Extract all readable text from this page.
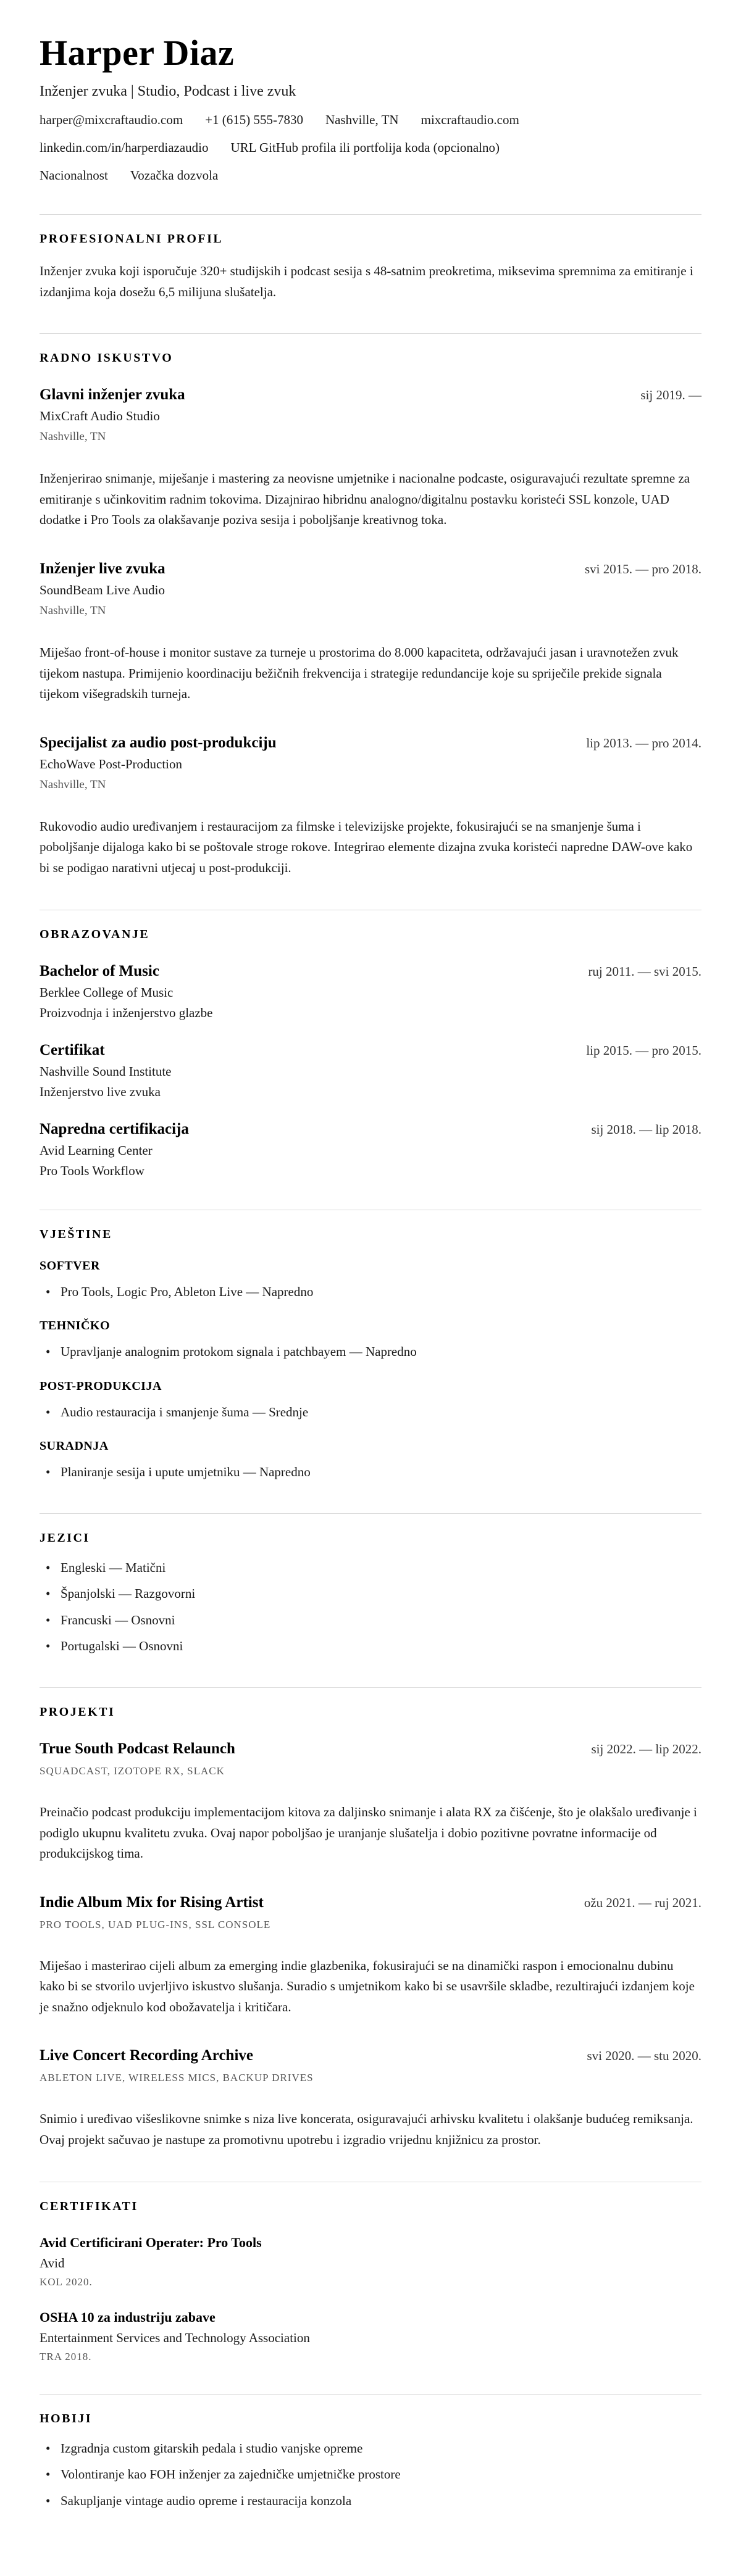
Harper Diaz
Inženjer zvuka | Studio, Podcast i live zvuk
harper@mixcraftaudio.com +1 (615) 555-7830 Nashville, TN mixcraftaudio.com
linkedin.com/in/harperdiazaudio URL GitHub profila ili portfolija koda (opcionalno)
Nacionalnost Vozačka dozvola
PROFESIONALNI PROFIL

Inženjer zvuka koji isporučuje 320+ studijskih i podcast sesija s 48-satnim preokretima, miksevima spremnima za emitiranje i izdanjima koja dosežu 6,5 milijuna slušatelja.

RADNO ISKUSTVO
Glavni inženjer zvuka	sij 2019. —
MixCraft Audio Studio
Nashville, TN

Inženjerirao snimanje, miješanje i mastering za neovisne umjetnike i nacionalne podcaste, osiguravajući rezultate spremne za emitiranje s učinkovitim radnim tokovima. Dizajnirao hibridnu analogno/digitalnu postavku koristeći SSL konzole, UAD dodatke i Pro Tools za olakšavanje poziva sesija i poboljšanje kreativnog toka.

Inženjer live zvuka	svi 2015. — pro 2018.
SoundBeam Live Audio
Nashville, TN

Miješao front-of-house i monitor sustave za turneje u prostorima do 8.000 kapaciteta, održavajući jasan i uravnotežen zvuk tijekom nastupa. Primijenio koordinaciju bežičnih frekvencija i strategije redundancije koje su spriječile prekide signala tijekom višegradskih turneja.

Specijalist za audio post-produkciju	lip 2013. — pro 2014.
EchoWave Post-Production
Nashville, TN

Rukovodio audio uređivanjem i restauracijom za filmske i televizijske projekte, fokusirajući se na smanjenje šuma i poboljšanje dijaloga kako bi se poštovale stroge rokove. Integrirao elemente dizajna zvuka koristeći napredne DAW-ove kako bi se podigao narativni utjecaj u post-produkciji.

OBRAZOVANJE
Bachelor of Music	ruj 2011. — svi 2015.
Berklee College of Music
Proizvodnja i inženjerstvo glazbe
Certifikat	lip 2015. — pro 2015.
Nashville Sound Institute
Inženjerstvo live zvuka
Napredna certifikacija	sij 2018. — lip 2018.
Avid Learning Center
Pro Tools Workflow
VJEŠTINE
SOFTVER
• Pro Tools, Logic Pro, Ableton Live — Napredno
TEHNIČKO
• Upravljanje analognim protokom signala i patchbayem — Napredno
POST-PRODUKCIJA
• Audio restauracija i smanjenje šuma — Srednje
SURADNJA
• Planiranje sesija i upute umjetniku — Napredno
JEZICI
• Engleski — Matični
• Španjolski — Razgovorni
• Francuski — Osnovni
• Portugalski — Osnovni
PROJEKTI
True South Podcast Relaunch	sij 2022. — lip 2022.
SQUADCAST, IZOTOPE RX, SLACK

Preinačio podcast produkciju implementacijom kitova za daljinsko snimanje i alata RX za čišćenje, što je olakšalo uređivanje i podiglo ukupnu kvalitetu zvuka. Ovaj napor poboljšao je uranjanje slušatelja i dobio pozitivne povratne informacije od produkcijskog tima.

Indie Album Mix for Rising Artist	ožu 2021. — ruj 2021.
PRO TOOLS, UAD PLUG-INS, SSL CONSOLE

Miješao i masterirao cijeli album za emerging indie glazbenika, fokusirajući se na dinamički raspon i emocionalnu dubinu kako bi se stvorilo uvjerljivo iskustvo slušanja. Suradio s umjetnikom kako bi se usavršile skladbe, rezultirajući izdanjem koje je snažno odjeknulo kod obožavatelja i kritičara.

Live Concert Recording Archive	svi 2020. — stu 2020.
ABLETON LIVE, WIRELESS MICS, BACKUP DRIVES

Snimio i uređivao višeslikovne snimke s niza live koncerata, osiguravajući arhivsku kvalitetu i olakšanje budućeg remiksanja. Ovaj projekt sačuvao je nastupe za promotivnu upotrebu i izgradio vrijednu knjižnicu za prostor.

CERTIFIKATI
Avid Certificirani Operater: Pro Tools
Avid
KOL 2020.
OSHA 10 za industriju zabave
Entertainment Services and Technology Association
TRA 2018.
HOBIJI
• Izgradnja custom gitarskih pedala i studio vanjske opreme
• Volontiranje kao FOH inženjer za zajedničke umjetničke prostore
• Sakupljanje vintage audio opreme i restauracija konzola
